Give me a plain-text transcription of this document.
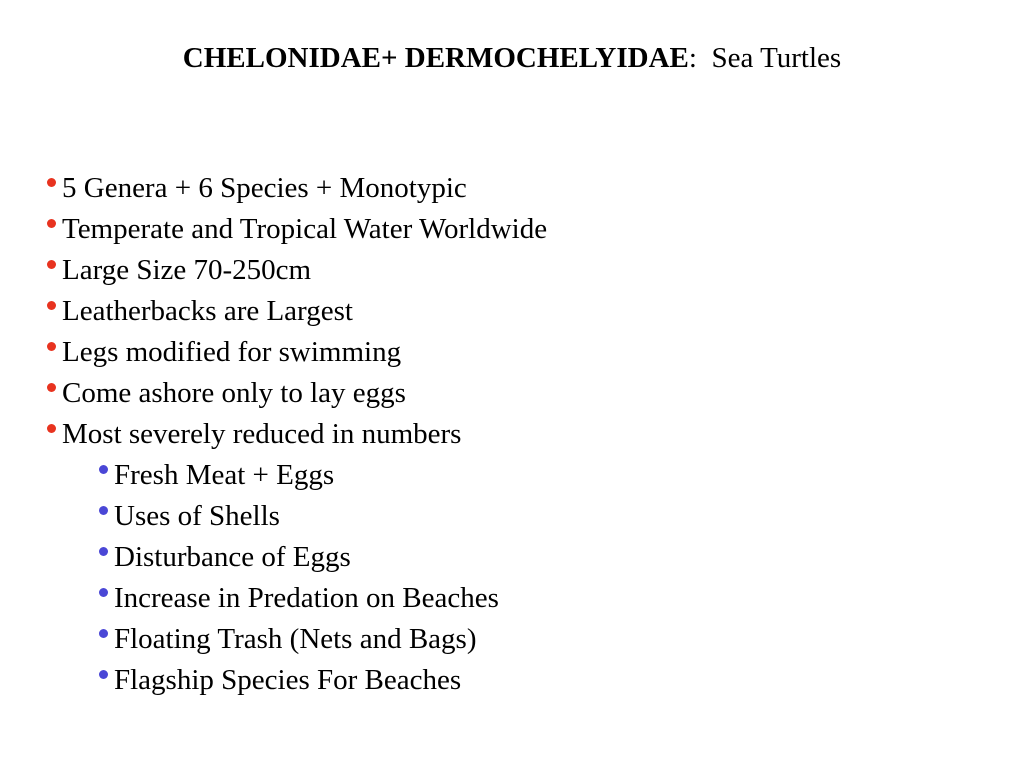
CHELONIDAE+ DERMOCHELYIDAE:  Sea Turtles
5 Genera + 6 Species + Monotypic
Temperate and Tropical Water Worldwide
Large Size 70-250cm
Leatherbacks are Largest
Legs modified for swimming
Come ashore only to lay eggs
Most severely reduced in numbers
Fresh Meat + Eggs
Uses of Shells
Disturbance of Eggs
Increase in Predation on Beaches
Floating Trash (Nets and Bags)
Flagship Species For Beaches
